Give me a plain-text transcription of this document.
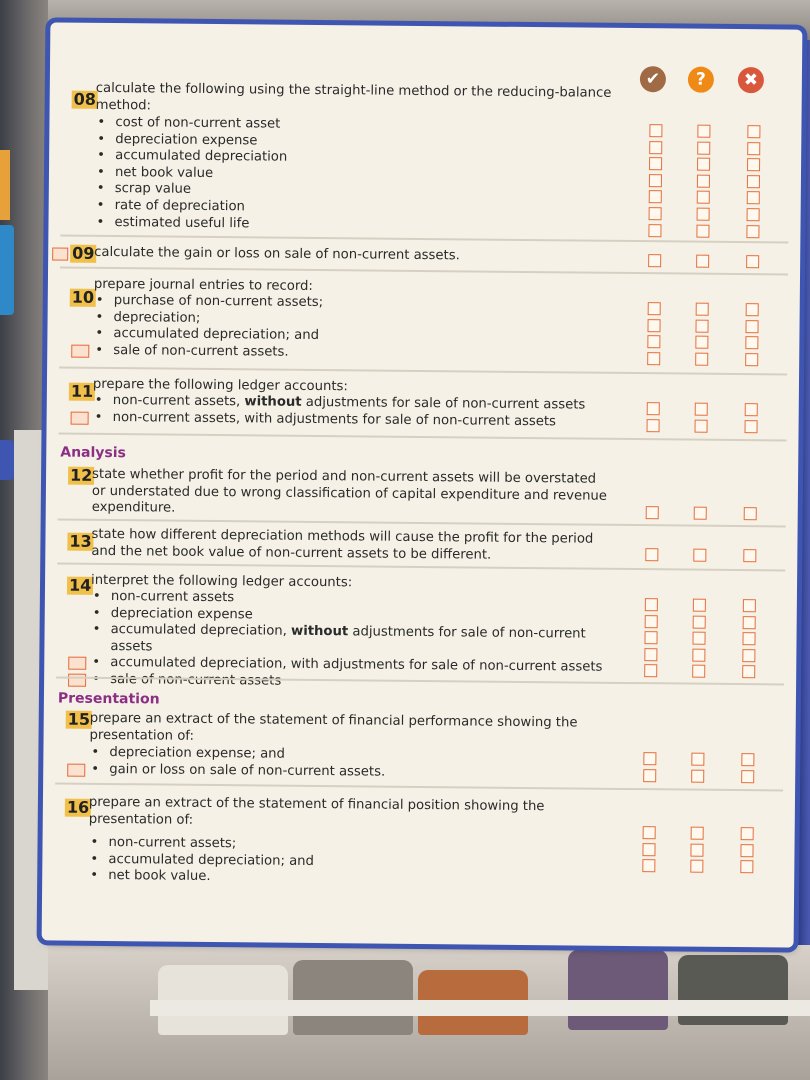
✔	?	✖
08 calculate the following using the straight-line method or the reducing-balance method:
• cost of non-current asset
• depreciation expense
• accumulated depreciation
• net book value
• scrap value
• rate of depreciation
• estimated useful life
09 calculate the gain or loss on sale of non-current assets.
10
prepare journal entries to record:
• purchase of non-current assets;
• depreciation;
• accumulated depreciation; and
• sale of non-current assets.
11 prepare the following ledger accounts:
• non-current assets, without adjustments for sale of non-current assets
• non-current assets, with adjustments for sale of non-current assets
Analysis
12 state whether profit for the period and non-current assets will be overstated or understated due to wrong classification of capital expenditure and revenue expenditure.
13 state how different depreciation methods will cause the profit for the period and the net book value of non-current assets to be different.
14 interpret the following ledger accounts:
• non-current assets
• depreciation expense
• accumulated depreciation, without adjustments for sale of non-current assets
• accumulated depreciation, with adjustments for sale of non-current assets
• sale of non-current assets
Presentation
15 prepare an extract of the statement of financial performance showing the presentation of:
• depreciation expense; and
• gain or loss on sale of non-current assets.
16 prepare an extract of the statement of financial position showing the presentation of:
• non-current assets;
• accumulated depreciation; and
• net book value.
